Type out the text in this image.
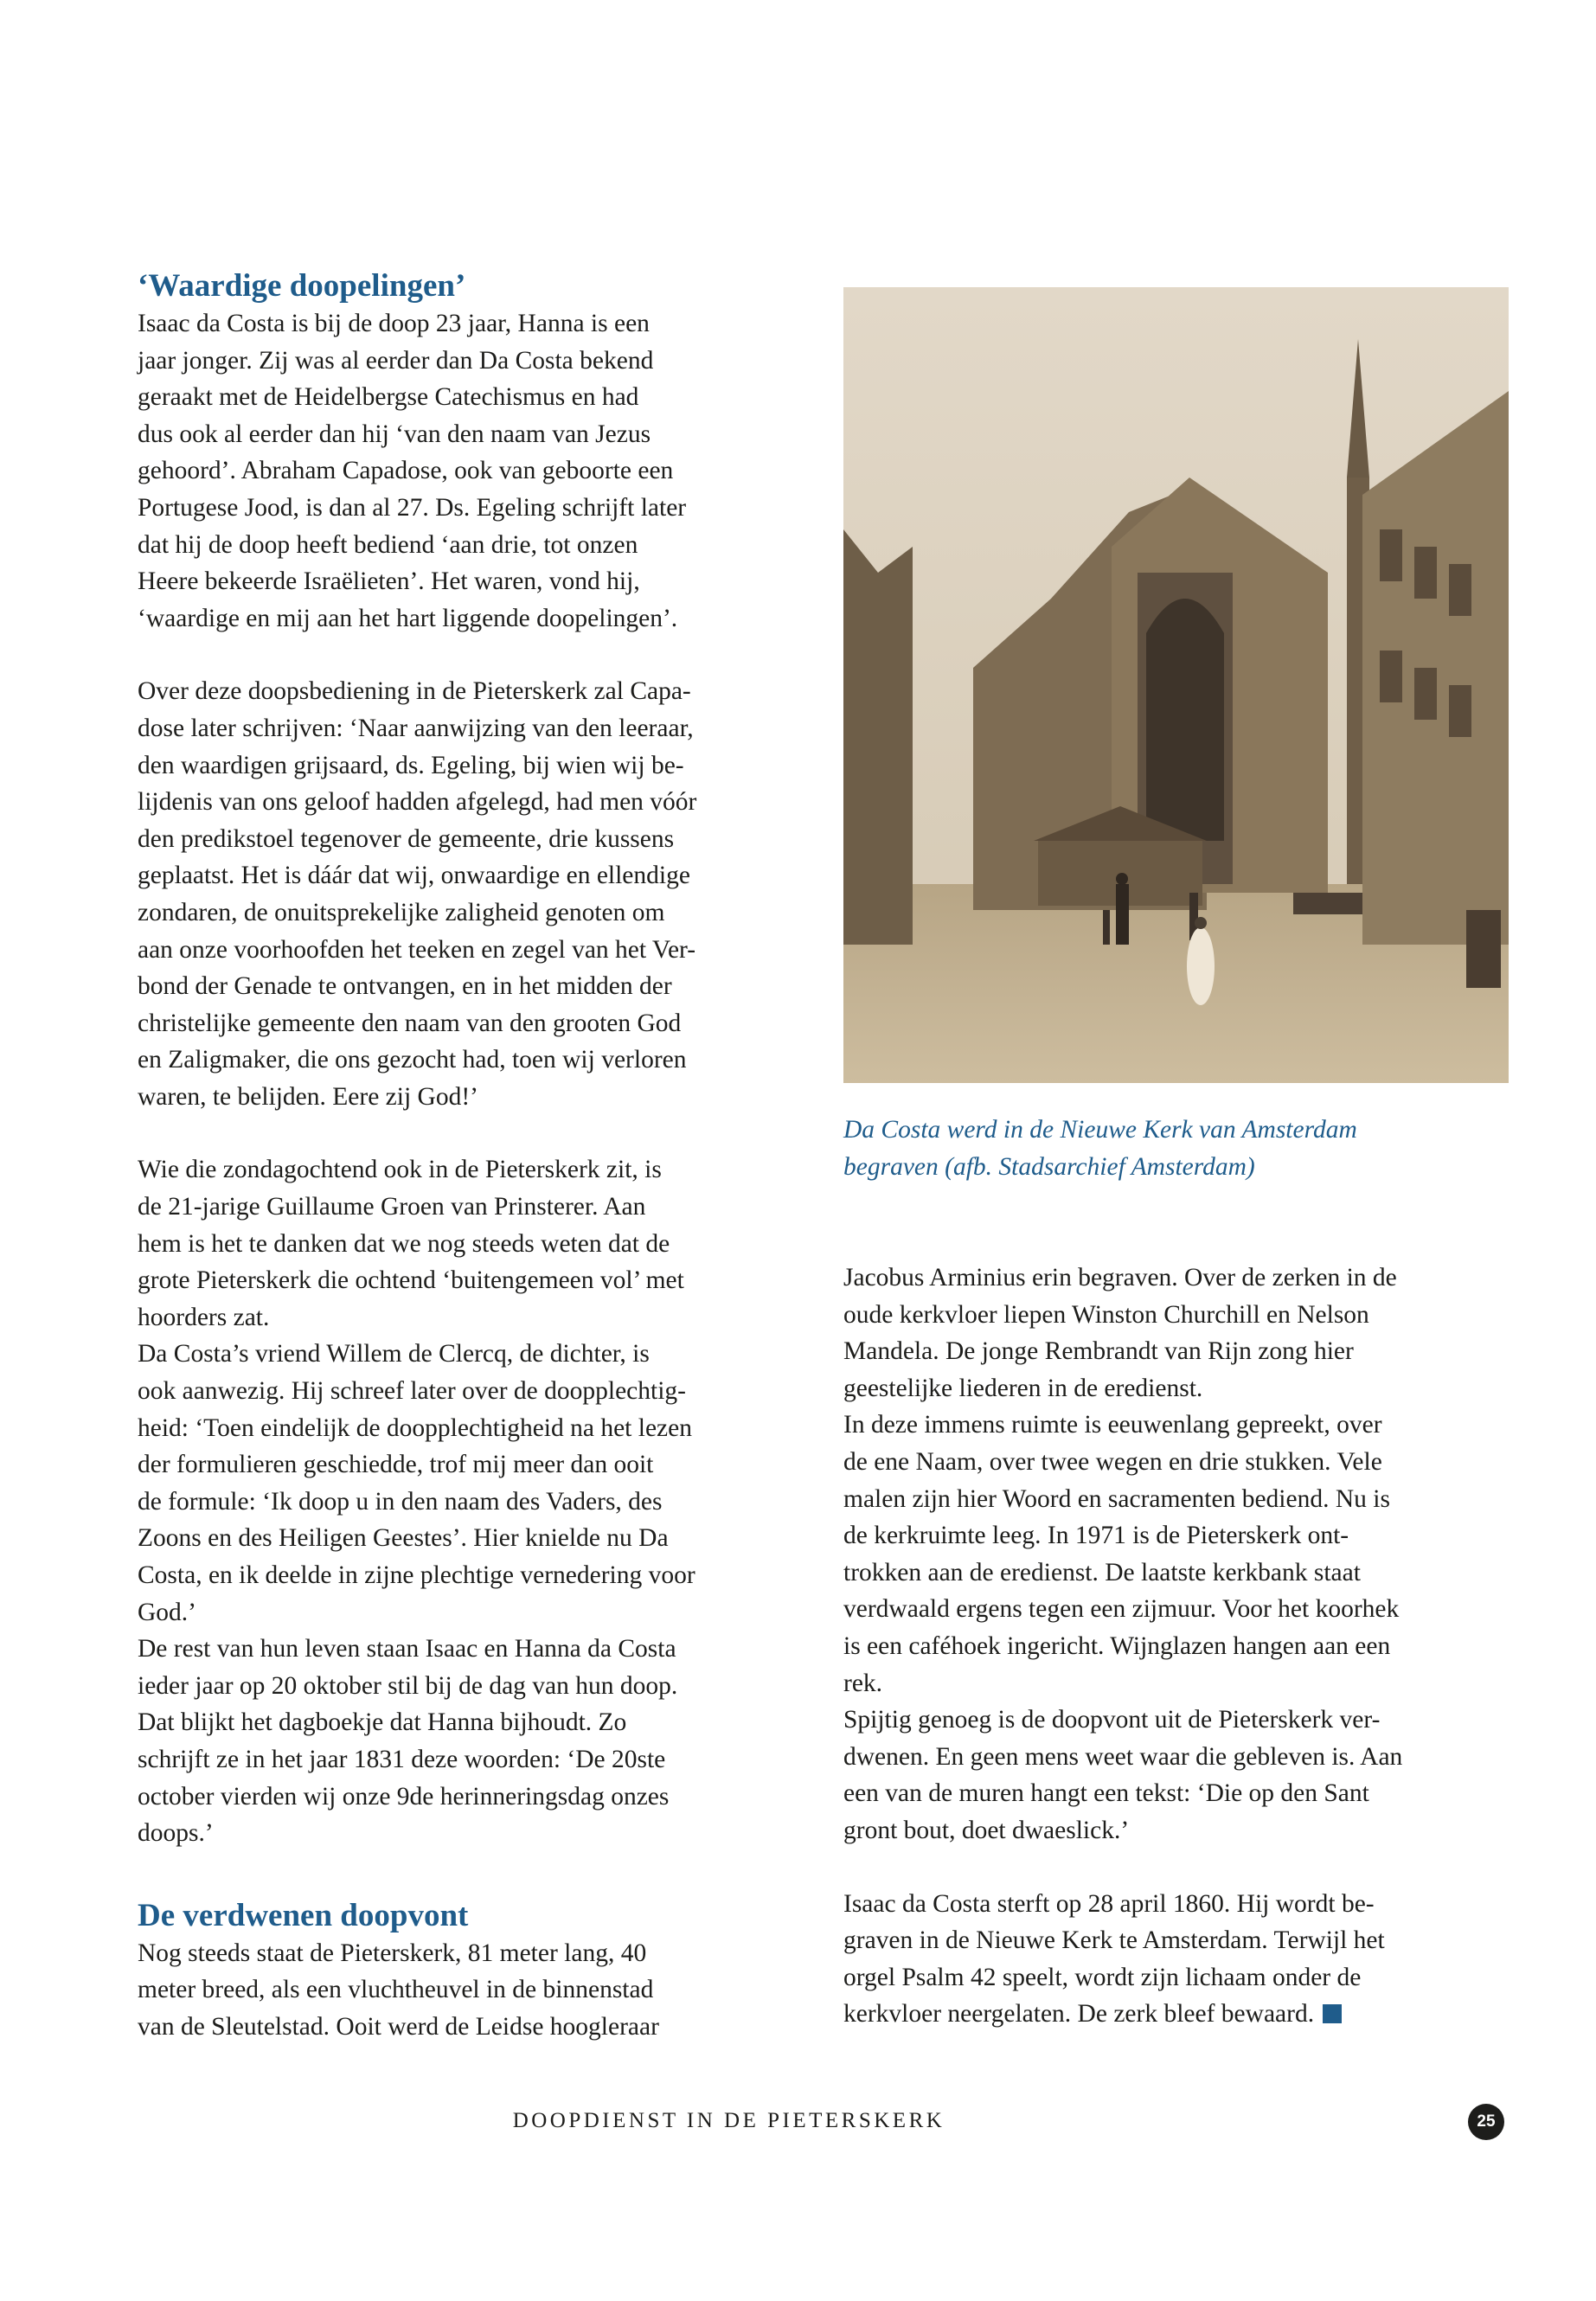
‘Waardige doopelingen’

Isaac da Costa is bij de doop 23 jaar, Hanna is een
jaar jonger. Zij was al eerder dan Da Costa bekend
geraakt met de Heidelbergse Catechismus en had
dus ook al eerder dan hij ‘van den naam van Jezus
gehoord’. Abraham Capadose, ook van geboorte een
Portugese Jood, is dan al 27. Ds. Egeling schrijft later
dat hij de doop heeft bediend ‘aan drie, tot onzen
Heere bekeerde Israëlieten’. Het waren, vond hij,
‘waardige en mij aan het hart liggende doopelingen’.

Over deze doopsbediening in de Pieterskerk zal Capa-
dose later schrijven: ‘Naar aanwijzing van den leeraar,
den waardigen grijsaard, ds. Egeling, bij wien wij be-
lijdenis van ons geloof hadden afgelegd, had men vóór
den predikstoel tegenover de gemeente, drie kussens
geplaatst. Het is dáár dat wij, onwaardige en ellendige
zondaren, de onuitsprekelijke zaligheid genoten om
aan onze voorhoofden het teeken en zegel van het Ver-
bond der Genade te ontvangen, en in het midden der
christelijke gemeente den naam van den grooten God
en Zaligmaker, die ons gezocht had, toen wij verloren
waren, te belijden. Eere zij God!’

Wie die zondagochtend ook in de Pieterskerk zit, is
de 21-jarige Guillaume Groen van Prinsterer. Aan
hem is het te danken dat we nog steeds weten dat de
grote Pieterskerk die ochtend ‘buitengemeen vol’ met
hoorders zat.

Da Costa’s vriend Willem de Clercq, de dichter, is
ook aanwezig. Hij schreef later over de doopplechtig-
heid: ‘Toen eindelijk de doopplechtigheid na het lezen
der formulieren geschiedde, trof mij meer dan ooit
de formule: ‘Ik doop u in den naam des Vaders, des
Zoons en des Heiligen Geestes’. Hier knielde nu Da
Costa, en ik deelde in zijne plechtige vernedering voor
God.’

De rest van hun leven staan Isaac en Hanna da Costa
ieder jaar op 20 oktober stil bij de dag van hun doop.
Dat blijkt het dagboekje dat Hanna bijhoudt. Zo
schrijft ze in het jaar 1831 deze woorden: ‘De 20ste
october vierden wij onze 9de herinneringsdag onzes
doops.’

De verdwenen doopvont

Nog steeds staat de Pieterskerk, 81 meter lang, 40
meter breed, als een vluchtheuvel in de binnenstad
van de Sleutelstad. Ooit werd de Leidse hoogleraar

Da Costa werd in de Nieuwe Kerk van Amsterdam
begraven (afb. Stadsarchief Amsterdam)

Jacobus Arminius erin begraven. Over de zerken in de
oude kerkvloer liepen Winston Churchill en Nelson
Mandela. De jonge Rembrandt van Rijn zong hier
geestelijke liederen in de eredienst.

In deze immens ruimte is eeuwenlang gepreekt, over
de ene Naam, over twee wegen en drie stukken. Vele
malen zijn hier Woord en sacramenten bediend. Nu is
de kerkruimte leeg. In 1971 is de Pieterskerk ont-
trokken aan de eredienst. De laatste kerkbank staat
verdwaald ergens tegen een zijmuur. Voor het koorhek
is een caféhoek ingericht. Wijnglazen hangen aan een
rek.

Spijtig genoeg is de doopvont uit de Pieterskerk ver-
dwenen. En geen mens weet waar die gebleven is. Aan
een van de muren hangt een tekst: ‘Die op den Sant
gront bout, doet dwaeslick.’

Isaac da Costa sterft op 28 april 1860. Hij wordt be-
graven in de Nieuwe Kerk te Amsterdam. Terwijl het
orgel Psalm 42 speelt, wordt zijn lichaam onder de
kerkvloer neergelaten. De zerk bleef bewaard.

DOOPDIENST IN DE PIETERSKERK	25
